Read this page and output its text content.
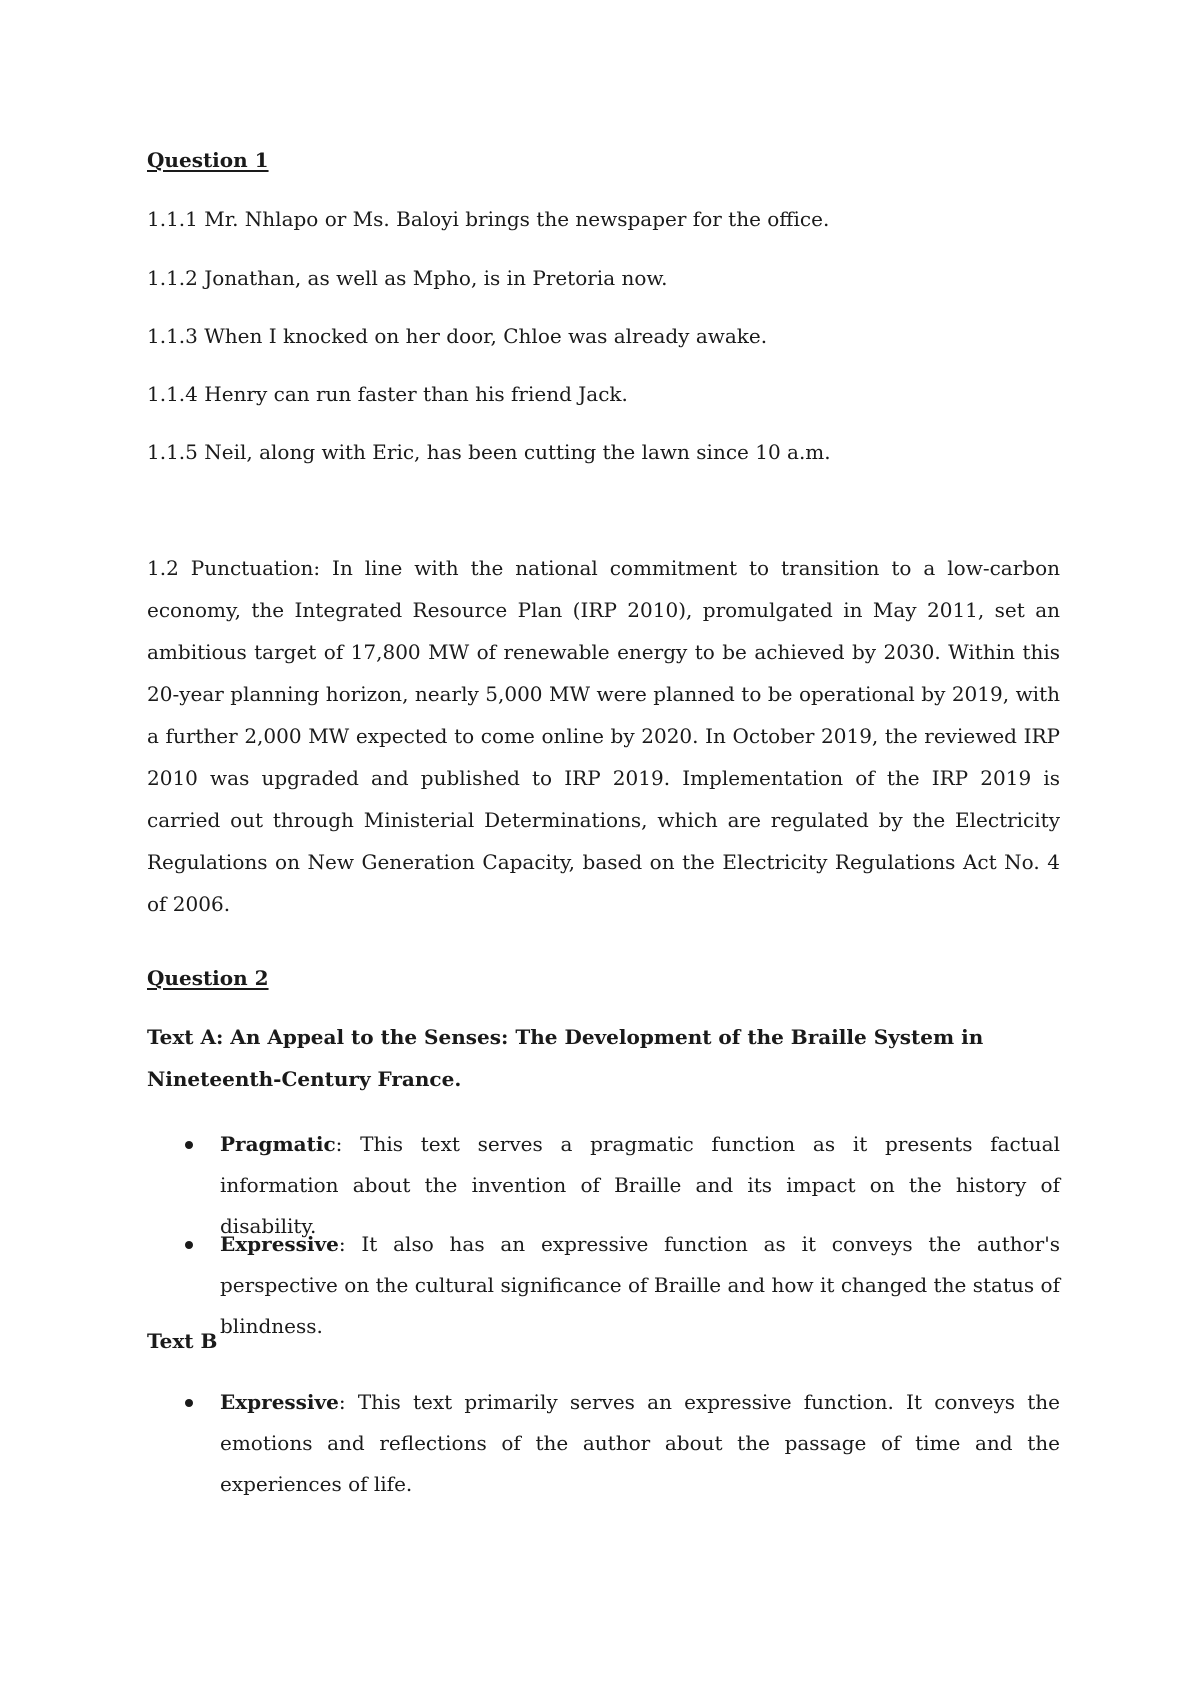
Question 1

1.1.1 Mr. Nhlapo or Ms. Baloyi brings the newspaper for the office.

1.1.2 Jonathan, as well as Mpho, is in Pretoria now.

1.1.3 When I knocked on her door, Chloe was already awake.

1.1.4 Henry can run faster than his friend Jack.

1.1.5 Neil, along with Eric, has been cutting the lawn since 10 a.m.

1.2 Punctuation: In line with the national commitment to transition to a low-carbon economy, the Integrated Resource Plan (IRP 2010), promulgated in May 2011, set an ambitious target of 17,800 MW of renewable energy to be achieved by 2030. Within this 20-year planning horizon, nearly 5,000 MW were planned to be operational by 2019, with a further 2,000 MW expected to come online by 2020. In October 2019, the reviewed IRP 2010 was upgraded and published to IRP 2019. Implementation of the IRP 2019 is carried out through Ministerial Determinations, which are regulated by the Electricity Regulations on New Generation Capacity, based on the Electricity Regulations Act No. 4 of 2006.

Question 2

Text A: An Appeal to the Senses: The Development of the Braille System in Nineteenth-Century France.

Pragmatic: This text serves a pragmatic function as it presents factual information about the invention of Braille and its impact on the history of disability.
Expressive: It also has an expressive function as it conveys the author's perspective on the cultural significance of Braille and how it changed the status of blindness.

Text B

Expressive: This text primarily serves an expressive function. It conveys the emotions and reflections of the author about the passage of time and the experiences of life.
